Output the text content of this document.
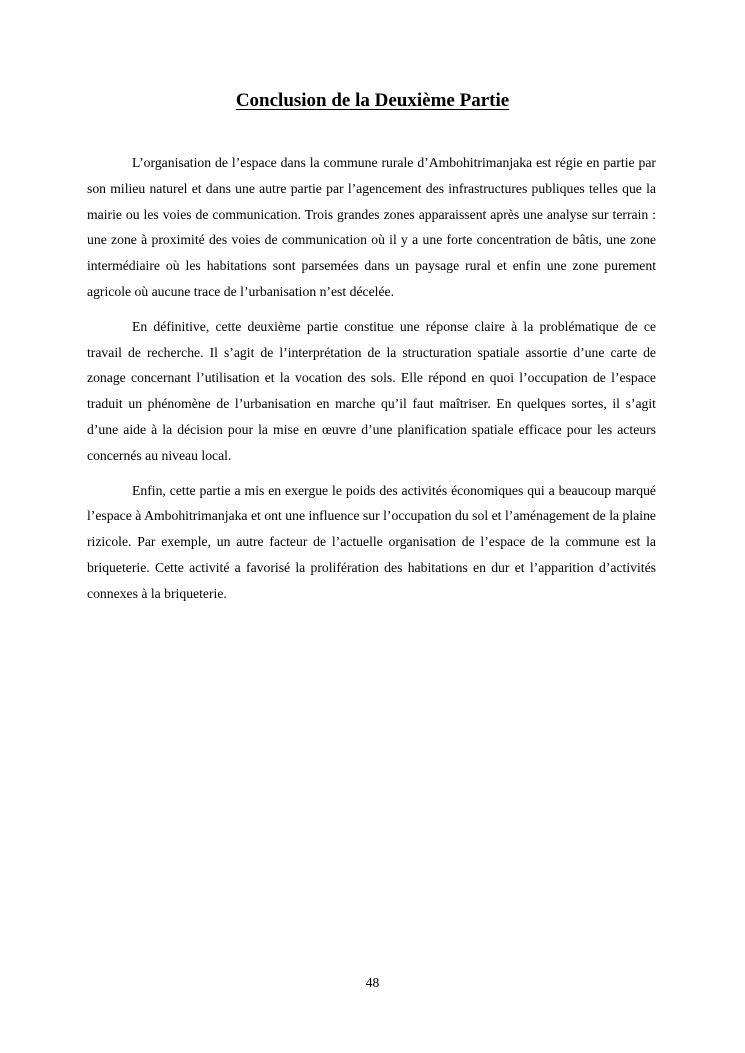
Conclusion de la Deuxième Partie

L’organisation de l’espace dans la commune rurale d’Ambohitrimanjaka est régie en partie par son milieu naturel et dans une autre partie par l’agencement des infrastructures publiques telles que la mairie ou les voies de communication. Trois grandes zones apparaissent après une analyse sur terrain : une zone à proximité des voies de communication où il y a une forte concentration de bâtis, une zone intermédiaire où les habitations sont parsemées dans un paysage rural et enfin une zone purement agricole où aucune trace de l’urbanisation n’est décelée.

En définitive, cette deuxième partie constitue une réponse claire à la problématique de ce travail de recherche. Il s’agit de l’interprétation de la structuration spatiale assortie d’une carte de zonage concernant l’utilisation et la vocation des sols. Elle répond en quoi l’occupation de l’espace traduit un phénomène de l’urbanisation en marche qu’il faut maîtriser. En quelques sortes, il s’agit d’une aide à la décision pour la mise en œuvre d’une planification spatiale efficace pour les acteurs concernés au niveau local.

Enfin, cette partie a mis en exergue le poids des activités économiques qui a beaucoup marqué l’espace à Ambohitrimanjaka et ont une influence sur l’occupation du sol et l’aménagement de la plaine rizicole. Par exemple, un autre facteur de l’actuelle organisation de l’espace de la commune est la briqueterie. Cette activité a favorisé la prolifération des habitations en dur et l’apparition d’activités connexes à la briqueterie.

48
